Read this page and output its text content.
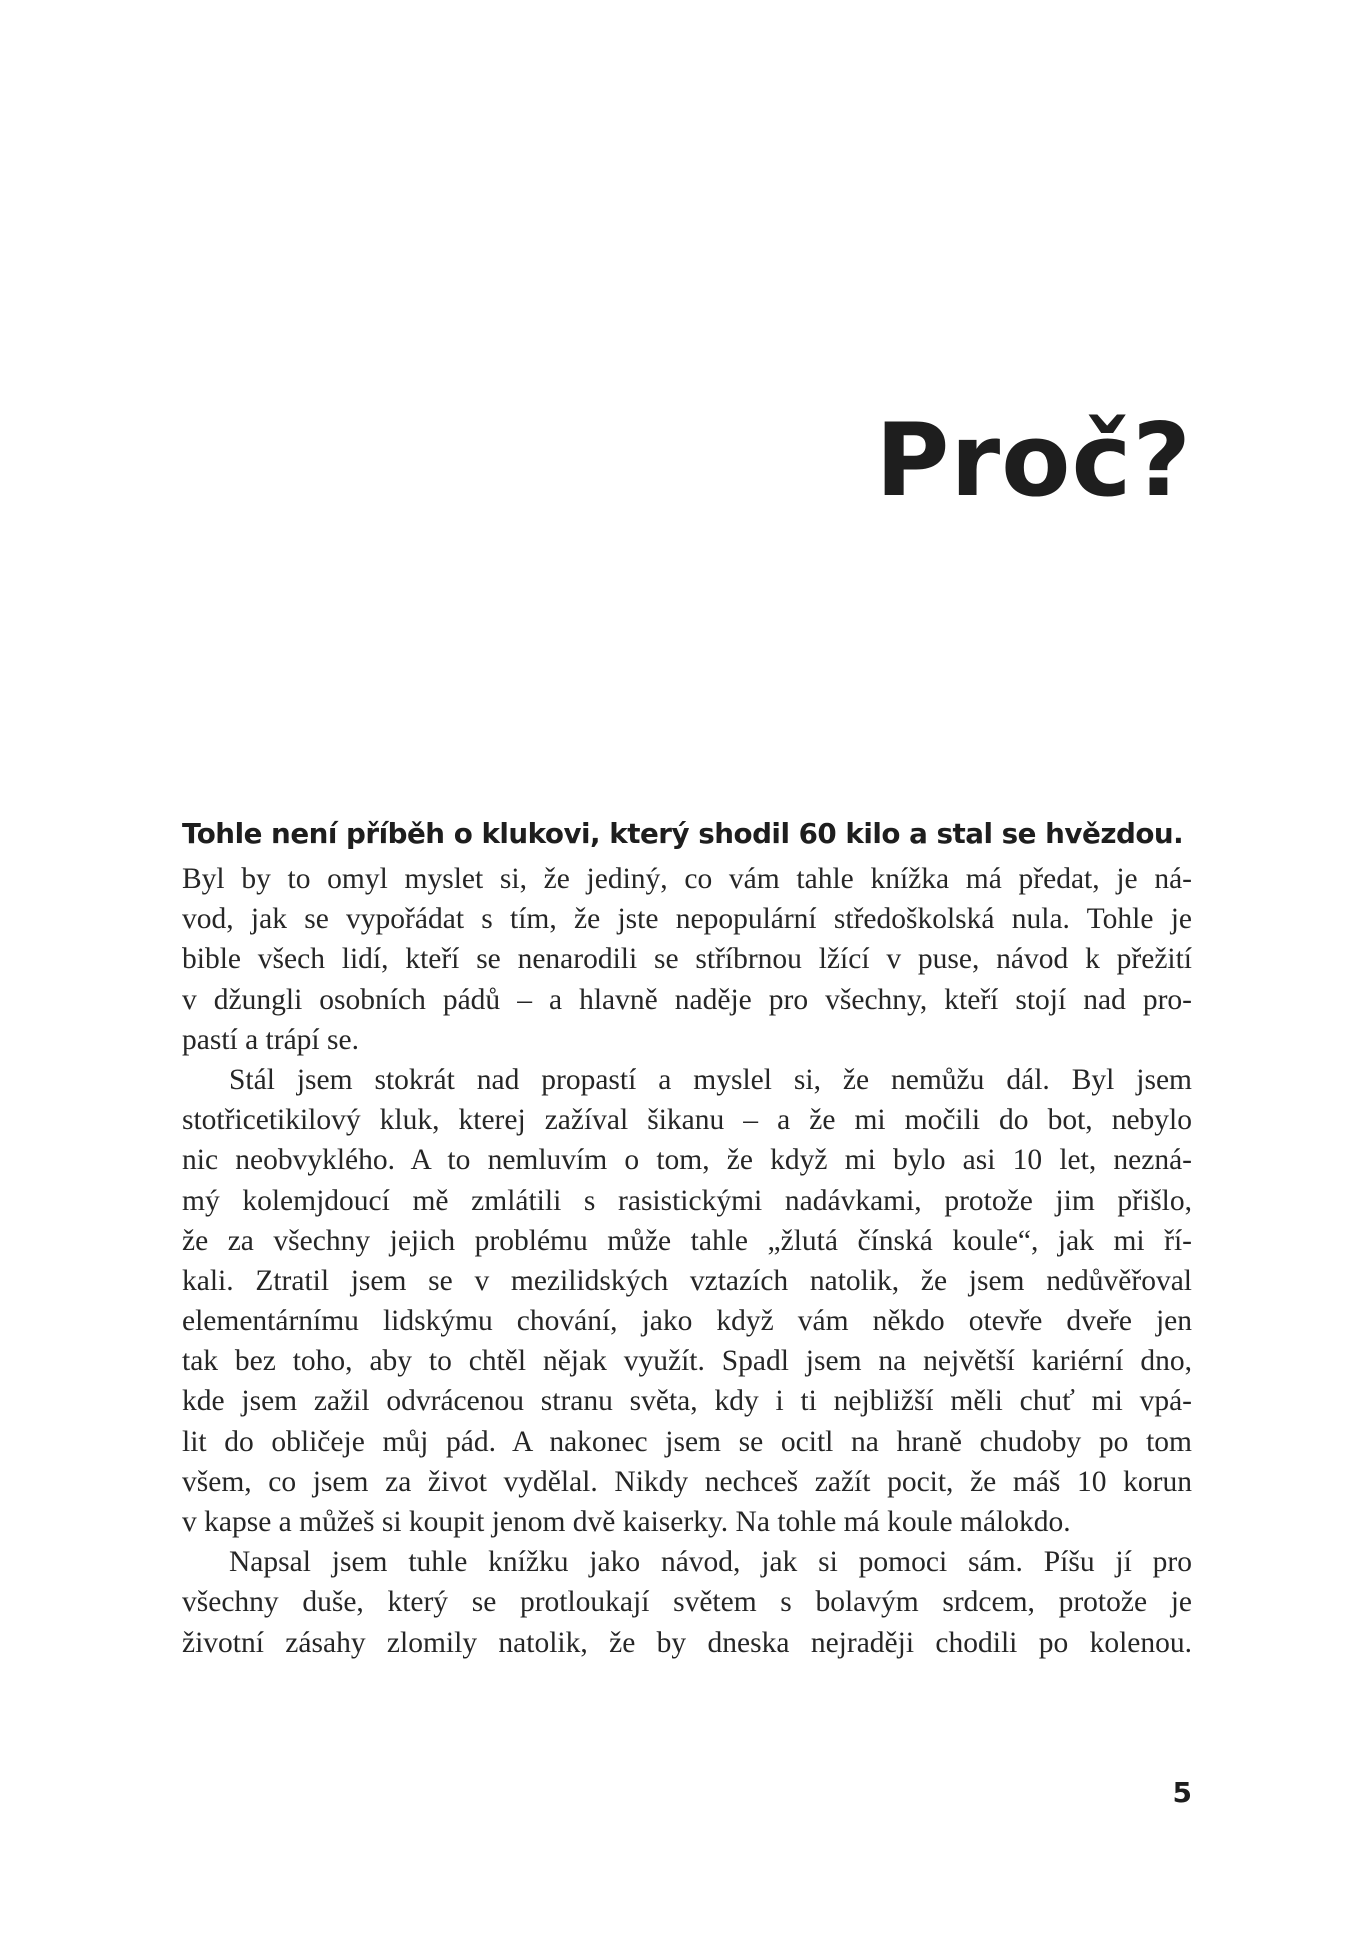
Proč?

Tohle není příběh o klukovi, který shodil 60 kilo a stal se hvězdou.

Byl by to omyl myslet si, že jediný, co vám tahle knížka má předat, je ná-
vod, jak se vypořádat s tím, že jste nepopulární středoškolská nula. Tohle je
bible všech lidí, kteří se nenarodili se stříbrnou lžící v puse, návod k přežití
v džungli osobních pádů – a hlavně naděje pro všechny, kteří stojí nad pro-
pastí a trápí se.
Stál jsem stokrát nad propastí a myslel si, že nemůžu dál. Byl jsem
stotřicetikilový kluk, kterej zažíval šikanu – a že mi močili do bot, nebylo
nic neobvyklého. A to nemluvím o tom, že když mi bylo asi 10 let, nezná-
mý kolemjdoucí mě zmlátili s rasistickými nadávkami, protože jim přišlo,
že za všechny jejich problému může tahle „žlutá čínská koule“, jak mi ří-
kali. Ztratil jsem se v mezilidských vztazích natolik, že jsem nedůvěřoval
elementárnímu lidskýmu chování, jako když vám někdo otevře dveře jen
tak bez toho, aby to chtěl nějak využít. Spadl jsem na největší kariérní dno,
kde jsem zažil odvrácenou stranu světa, kdy i ti nejbližší měli chuť mi vpá-
lit do obličeje můj pád. A nakonec jsem se ocitl na hraně chudoby po tom
všem, co jsem za život vydělal. Nikdy nechceš zažít pocit, že máš 10 korun
v kapse a můžeš si koupit jenom dvě kaiserky. Na tohle má koule málokdo.
Napsal jsem tuhle knížku jako návod, jak si pomoci sám. Píšu jí pro
všechny duše, který se protloukají světem s bolavým srdcem, protože je
životní zásahy zlomily natolik, že by dneska nejraději chodili po kolenou.

5
